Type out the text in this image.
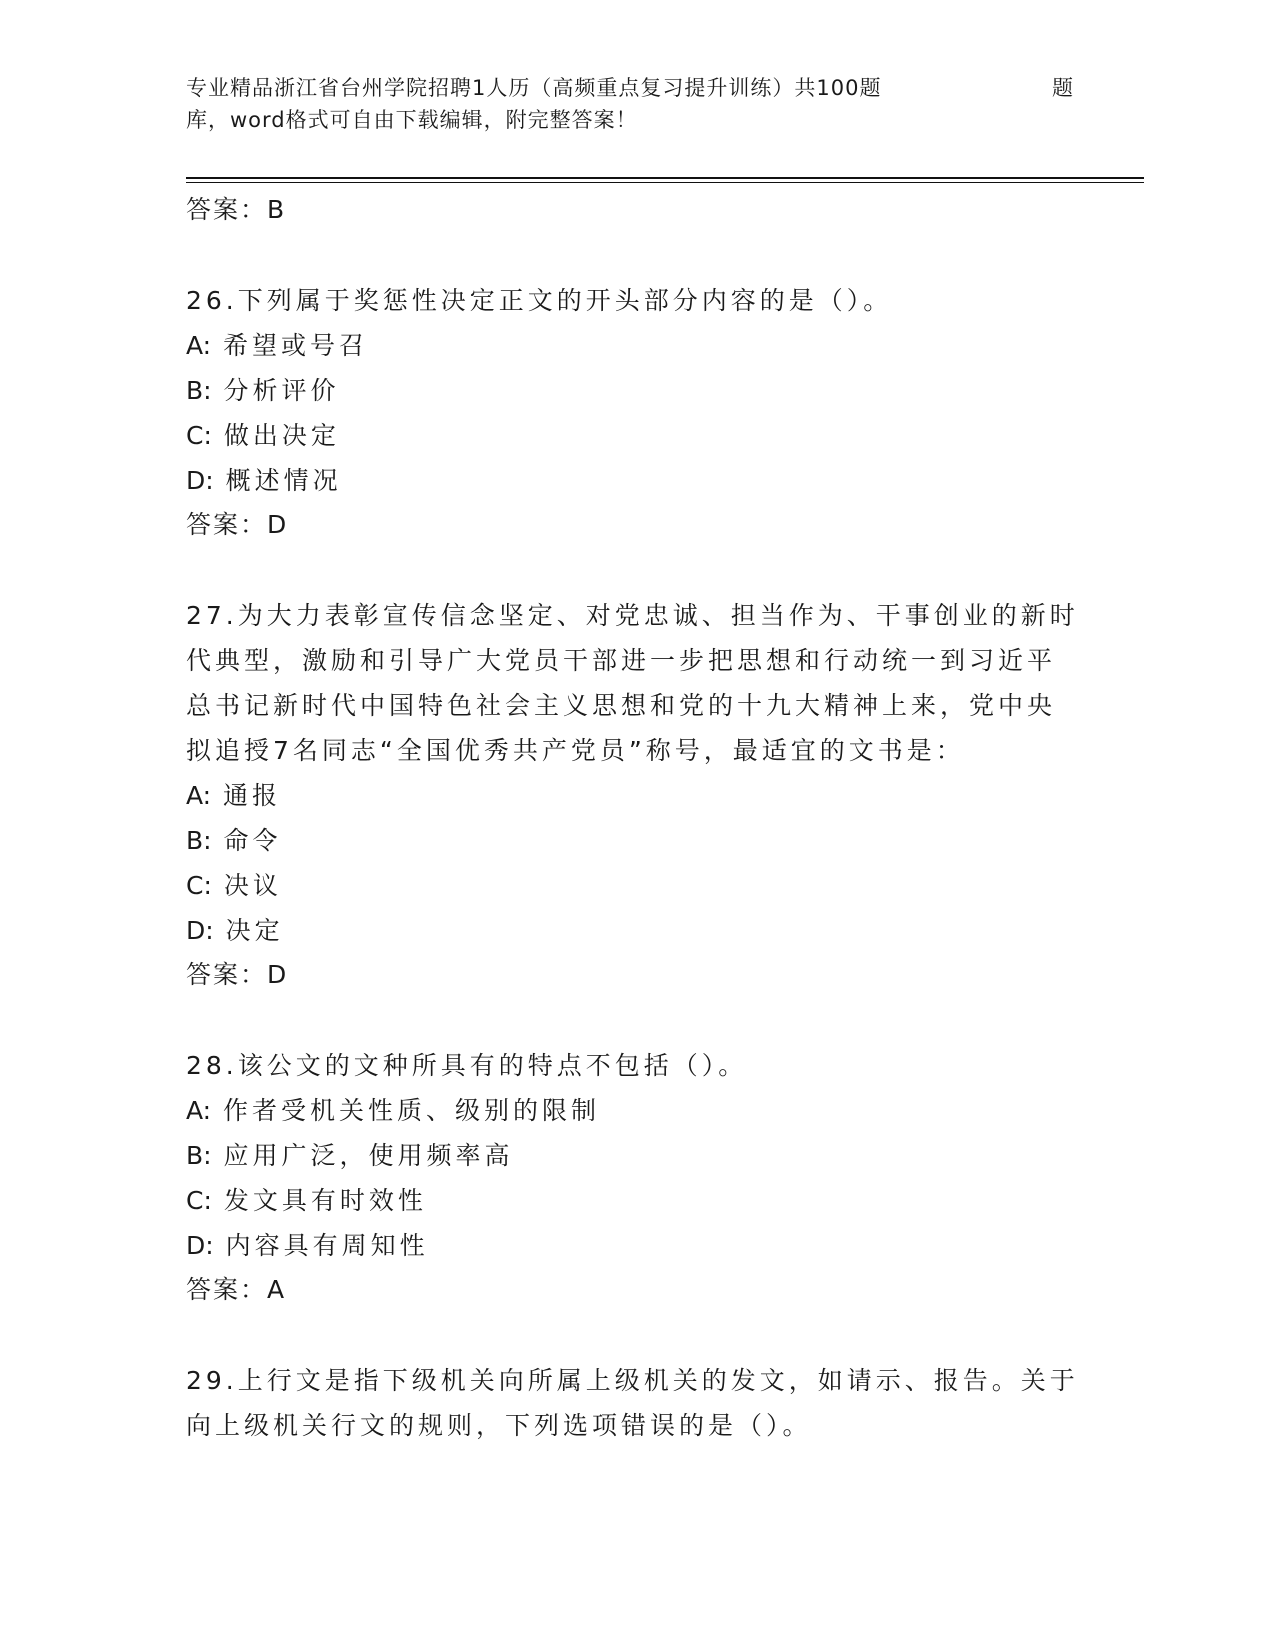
专业精品浙江省台州学院招聘1人历（高频重点复习提升训练）共100题	题
库，word格式可自由下载编辑，附完整答案！
答案：B
26.下列属于奖惩性决定正文的开头部分内容的是（）。
A: 希望或号召
B: 分析评价
C: 做出决定
D: 概述情况
答案：D
27.为大力表彰宣传信念坚定、对党忠诚、担当作为、干事创业的新时
代典型，激励和引导广大党员干部进一步把思想和行动统一到习近平
总书记新时代中国特色社会主义思想和党的十九大精神上来，党中央
拟追授7名同志“全国优秀共产党员”称号，最适宜的文书是：
A: 通报
B: 命令
C: 决议
D: 决定
答案：D
28.该公文的文种所具有的特点不包括（）。
A: 作者受机关性质、级别的限制
B: 应用广泛，使用频率高
C: 发文具有时效性
D: 内容具有周知性
答案：A
29.上行文是指下级机关向所属上级机关的发文，如请示、报告。关于
向上级机关行文的规则，下列选项错误的是（）。
